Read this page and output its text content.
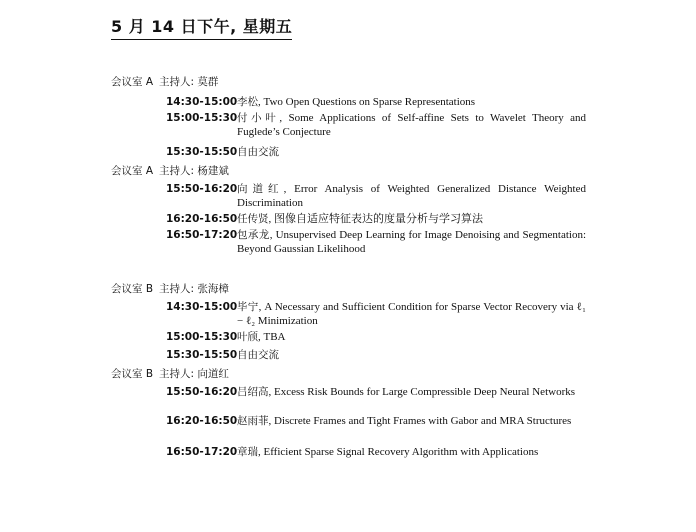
5 月 14 日下午, 星期五
会议室 A 主持人: 莫群
14:30-15:00 李松, Two Open Questions on Sparse Representations
15:00-15:30 付小叶, Some Applications of Self-affine Sets to Wavelet Theory and Fuglede’s Conjecture
15:30-15:50 自由交流
会议室 A 主持人: 杨建斌
15:50-16:20 向道红, Error Analysis of Weighted Generalized Distance Weighted Discrimination
16:20-16:50 任传贤, 图像自适应特征表达的度量分析与学习算法
16:50-17:20 包承龙, Unsupervised Deep Learning for Image Denoising and Segmentation: Beyond Gaussian Likelihood
会议室 B 主持人: 张海樟
14:30-15:00 毕宁, A Necessary and Sufficient Condition for Sparse Vector Recovery via ℓ₁ − ℓ₂ Minimization
15:00-15:30 叶颀, TBA
15:30-15:50 自由交流
会议室 B 主持人: 向道红
15:50-16:20 吕绍高, Excess Risk Bounds for Large Compressible Deep Neural Networks
16:20-16:50 赵雨菲, Discrete Frames and Tight Frames with Gabor and MRA Structures
16:50-17:20 章瑞, Efficient Sparse Signal Recovery Algorithm with Applications
